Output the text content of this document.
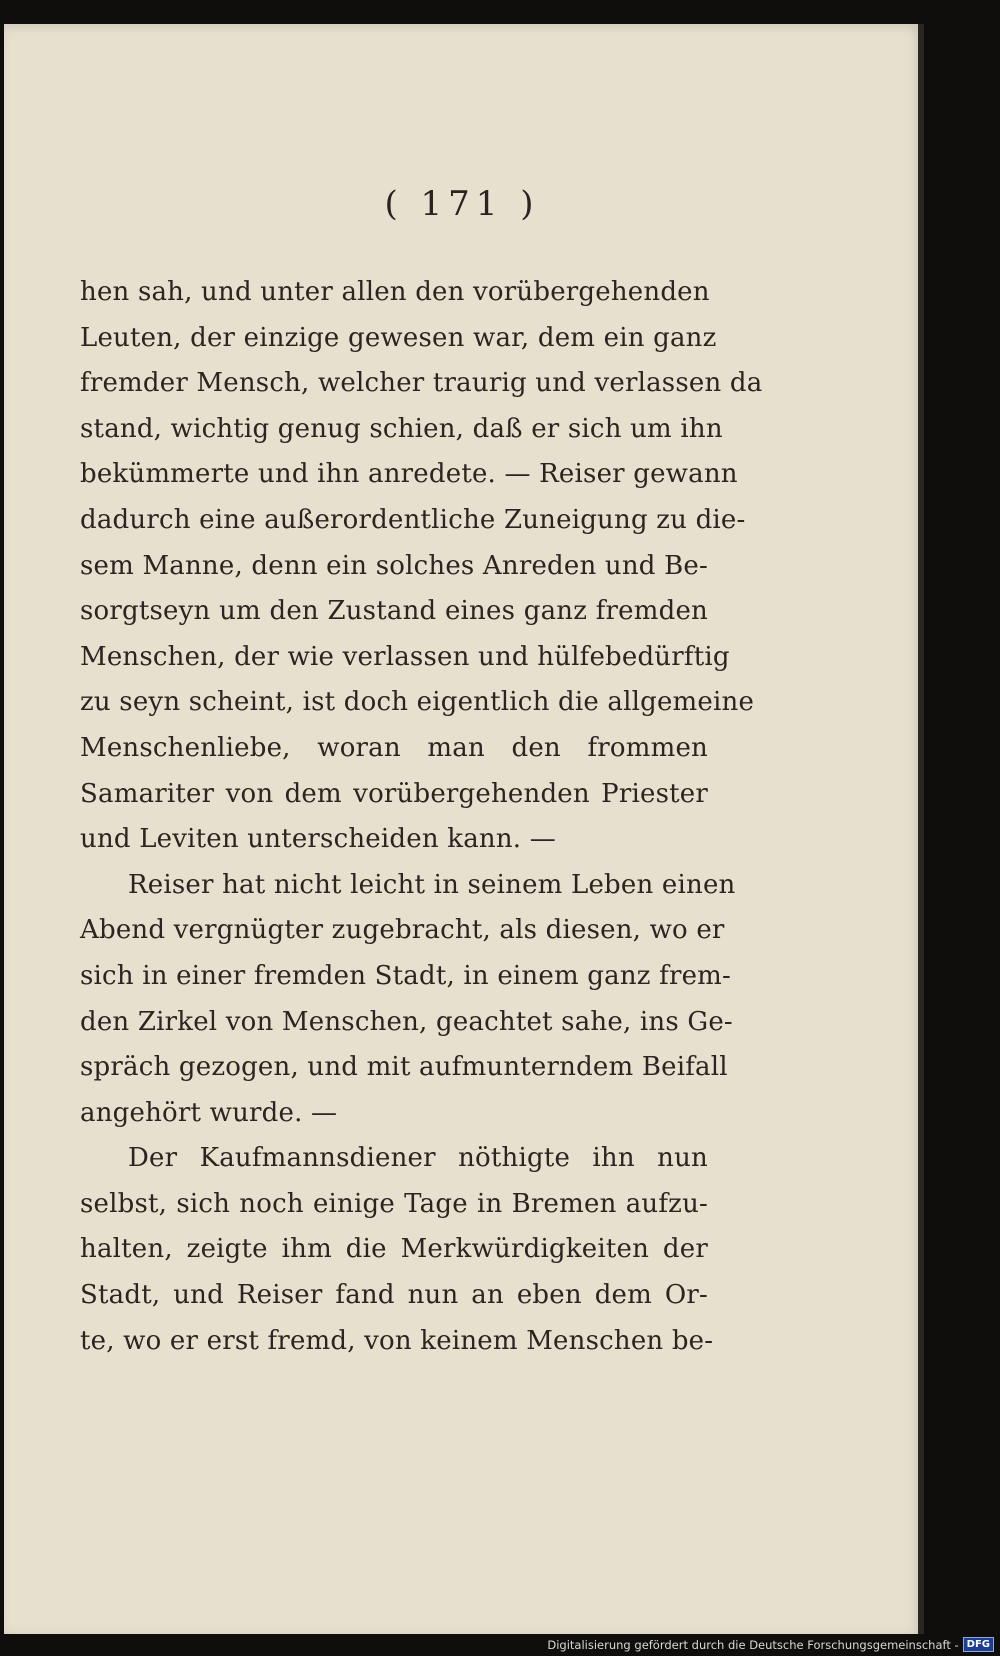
( 171 )
hen sah, und unter allen den vorübergehenden
Leuten, der einzige gewesen war, dem ein ganz
fremder Mensch, welcher traurig und verlassen da
stand, wichtig genug schien, daß er sich um ihn
bekümmerte und ihn anredete. — Reiser gewann
dadurch eine außerordentliche Zuneigung zu die-
sem Manne, denn ein solches Anreden und Be-
sorgtseyn um den Zustand eines ganz fremden
Menschen, der wie verlassen und hülfebedürftig
zu seyn scheint, ist doch eigentlich die allgemeine
Menschenliebe, woran man den frommen
Samariter von dem vorübergehenden Priester
und Leviten unterscheiden kann. —
Reiser hat nicht leicht in seinem Leben einen
Abend vergnügter zugebracht, als diesen, wo er
sich in einer fremden Stadt, in einem ganz frem-
den Zirkel von Menschen, geachtet sahe, ins Ge-
spräch gezogen, und mit aufmunterndem Beifall
angehört wurde. —
Der Kaufmannsdiener nöthigte ihn nun
selbst, sich noch einige Tage in Bremen aufzu-
halten, zeigte ihm die Merkwürdigkeiten der
Stadt, und Reiser fand nun an eben dem Or-
te, wo er erst fremd, von keinem Menschen be-
Digitalisierung gefördert durch die Deutsche Forschungsgemeinschaft - DFG
